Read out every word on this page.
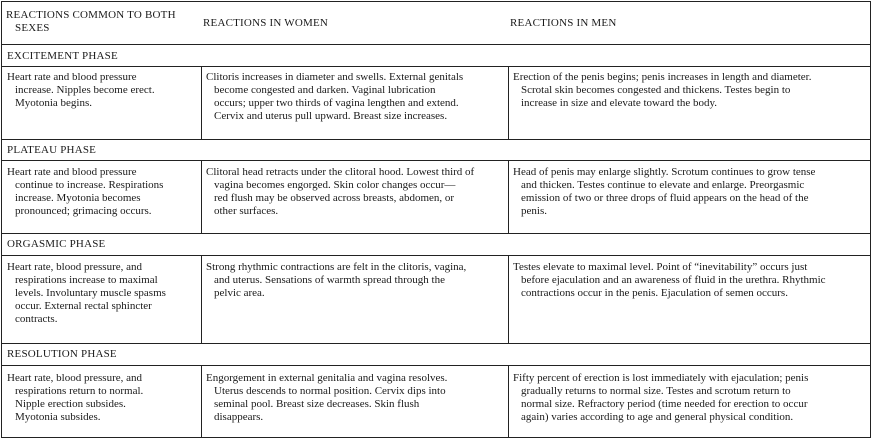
REACTIONS COMMON TO BOTH
SEXES	REACTIONS IN WOMEN	REACTIONS IN MEN
EXCITEMENT PHASE
Heart rate and blood pressure
increase. Nipples become erect.
Myotonia begins.
Clitoris increases in diameter and swells. External genitals
become congested and darken. Vaginal lubrication
occurs; upper two thirds of vagina lengthen and extend.
Cervix and uterus pull upward. Breast size increases.
Erection of the penis begins; penis increases in length and diameter.
Scrotal skin becomes congested and thickens. Testes begin to
increase in size and elevate toward the body.
PLATEAU PHASE
Heart rate and blood pressure
continue to increase. Respirations
increase. Myotonia becomes
pronounced; grimacing occurs.
Clitoral head retracts under the clitoral hood. Lowest third of
vagina becomes engorged. Skin color changes occur—
red flush may be observed across breasts, abdomen, or
other surfaces.
Head of penis may enlarge slightly. Scrotum continues to grow tense
and thicken. Testes continue to elevate and enlarge. Preorgasmic
emission of two or three drops of fluid appears on the head of the
penis.
ORGASMIC PHASE
Heart rate, blood pressure, and
respirations increase to maximal
levels. Involuntary muscle spasms
occur. External rectal sphincter
contracts.
Strong rhythmic contractions are felt in the clitoris, vagina,
and uterus. Sensations of warmth spread through the
pelvic area.
Testes elevate to maximal level. Point of “inevitability” occurs just
before ejaculation and an awareness of fluid in the urethra. Rhythmic
contractions occur in the penis. Ejaculation of semen occurs.
RESOLUTION PHASE
Heart rate, blood pressure, and
respirations return to normal.
Nipple erection subsides.
Myotonia subsides.
Engorgement in external genitalia and vagina resolves.
Uterus descends to normal position. Cervix dips into
seminal pool. Breast size decreases. Skin flush
disappears.
Fifty percent of erection is lost immediately with ejaculation; penis
gradually returns to normal size. Testes and scrotum return to
normal size. Refractory period (time needed for erection to occur
again) varies according to age and general physical condition.
